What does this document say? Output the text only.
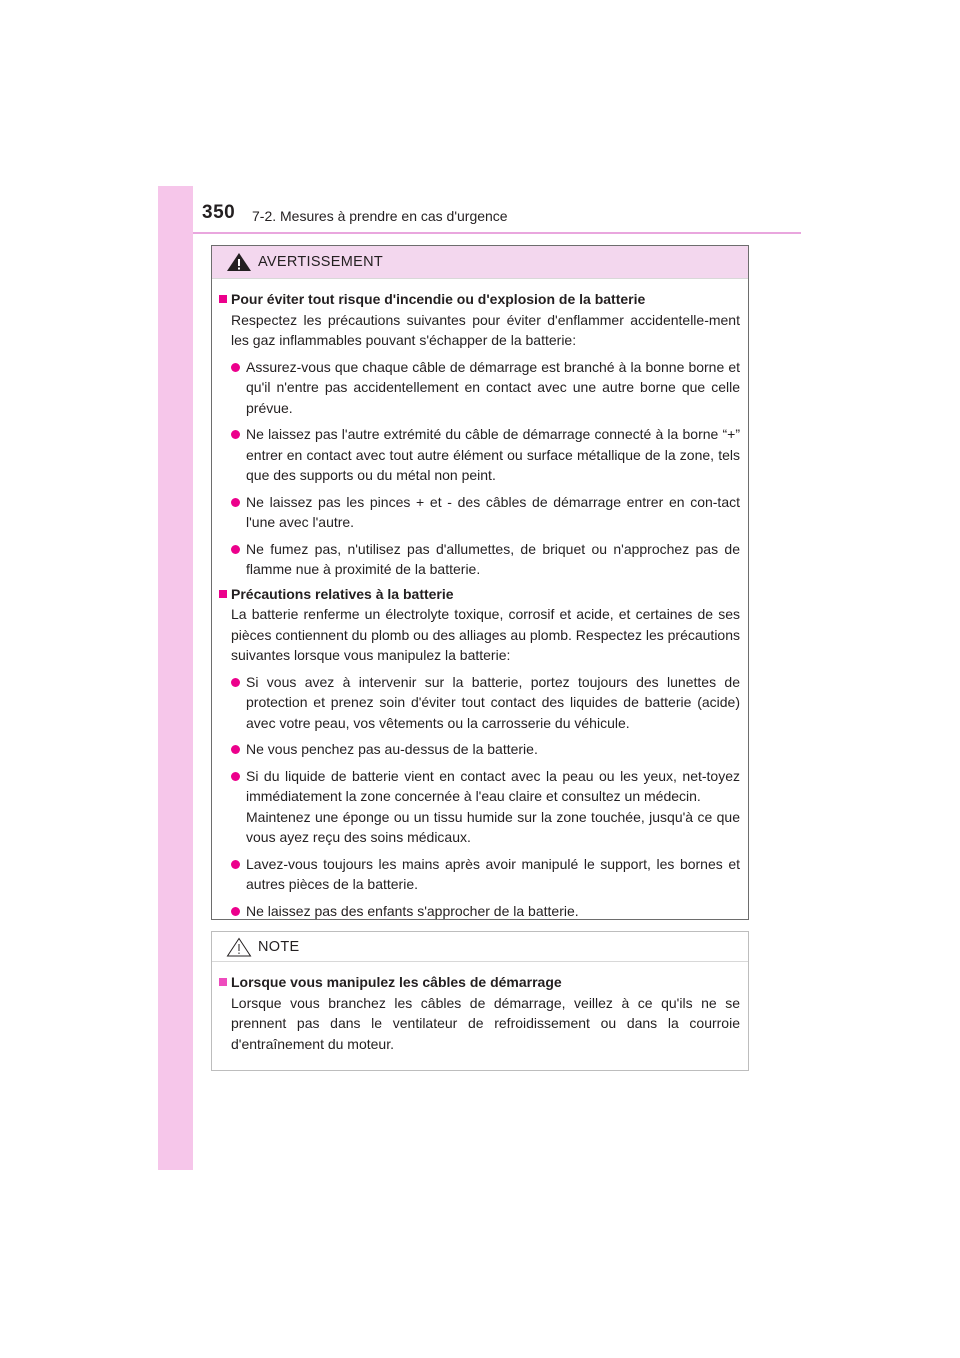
350 7-2. Mesures à prendre en cas d'urgence
AVERTISSEMENT
Pour éviter tout risque d'incendie ou d'explosion de la batterie
Respectez les précautions suivantes pour éviter d'enflammer accidentelle-ment les gaz inflammables pouvant s'échapper de la batterie:
Assurez-vous que chaque câble de démarrage est branché à la bonne borne et qu'il n'entre pas accidentellement en contact avec une autre borne que celle prévue.
Ne laissez pas l'autre extrémité du câble de démarrage connecté à la borne “+” entrer en contact avec tout autre élément ou surface métallique de la zone, tels que des supports ou du métal non peint.
Ne laissez pas les pinces + et - des câbles de démarrage entrer en con-tact l'une avec l'autre.
Ne fumez pas, n'utilisez pas d'allumettes, de briquet ou n'approchez pas de flamme nue à proximité de la batterie.
Précautions relatives à la batterie
La batterie renferme un électrolyte toxique, corrosif et acide, et certaines de ses pièces contiennent du plomb ou des alliages au plomb. Respectez les précautions suivantes lorsque vous manipulez la batterie:
Si vous avez à intervenir sur la batterie, portez toujours des lunettes de protection et prenez soin d'éviter tout contact des liquides de batterie (acide) avec votre peau, vos vêtements ou la carrosserie du véhicule.
Ne vous penchez pas au-dessus de la batterie.
Si du liquide de batterie vient en contact avec la peau ou les yeux, net-toyez immédiatement la zone concernée à l'eau claire et consultez un médecin.
Maintenez une éponge ou un tissu humide sur la zone touchée, jusqu'à ce que vous ayez reçu des soins médicaux.
Lavez-vous toujours les mains après avoir manipulé le support, les bornes et autres pièces de la batterie.
Ne laissez pas des enfants s'approcher de la batterie.
NOTE
Lorsque vous manipulez les câbles de démarrage
Lorsque vous branchez les câbles de démarrage, veillez à ce qu'ils ne se prennent pas dans le ventilateur de refroidissement ou dans la courroie d'entraînement du moteur.
